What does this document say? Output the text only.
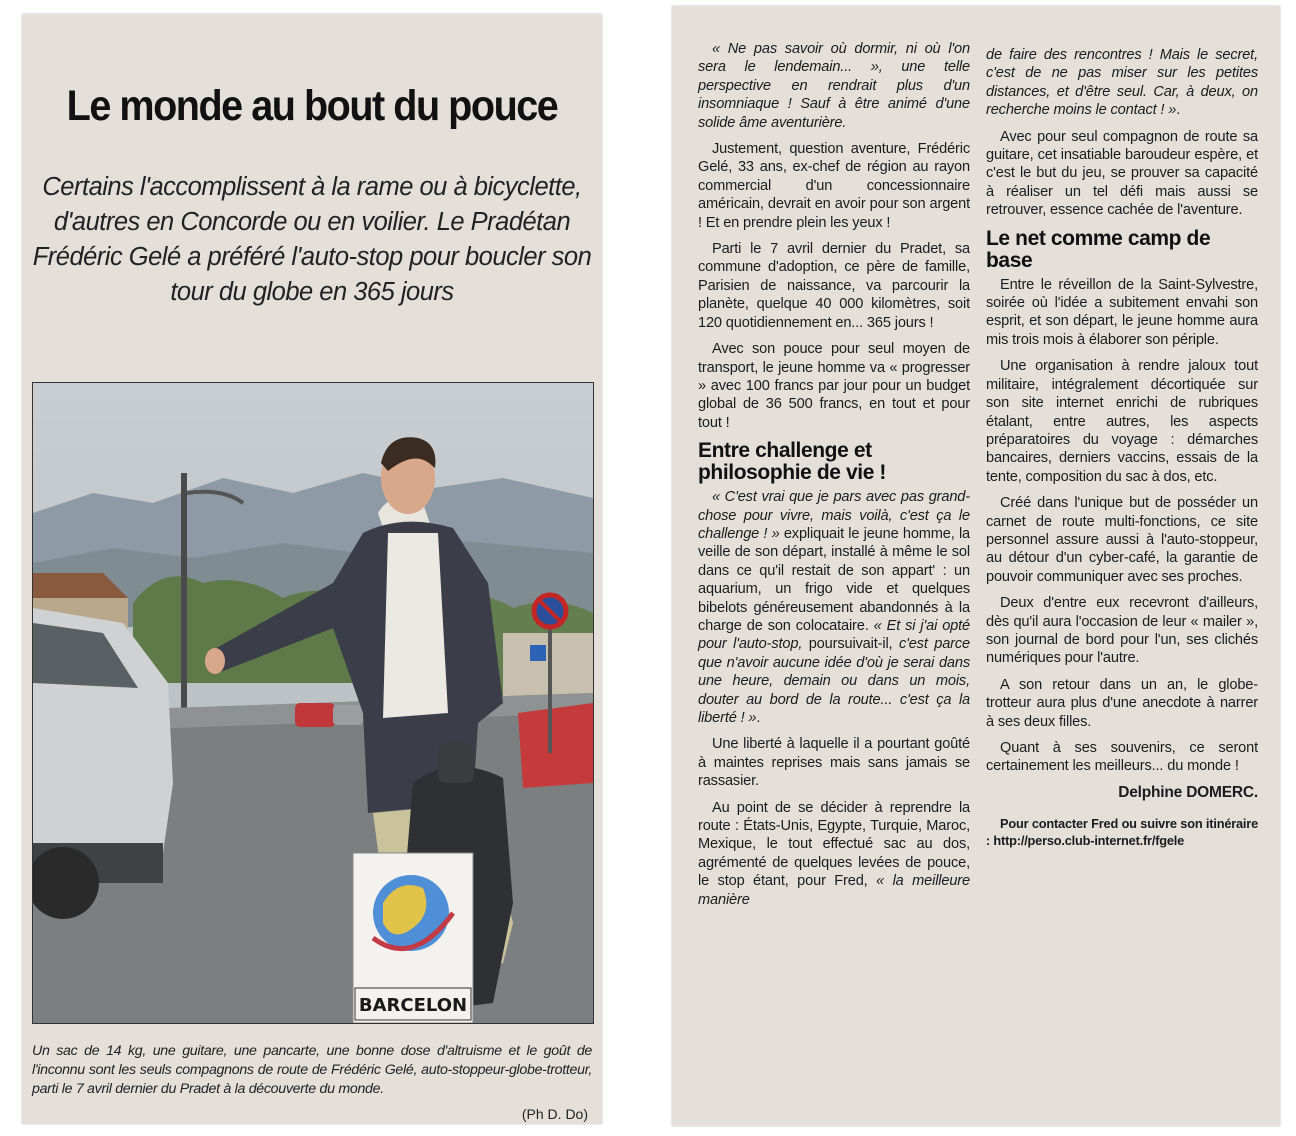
Le monde au bout du pouce

Certains l'accomplissent à la rame ou à bicyclette, d'autres en Concorde ou en voilier. Le Pradétan Frédéric Gelé a préféré l'auto-stop pour boucler son tour du globe en 365 jours

BARCELON

Un sac de 14 kg, une guitare, une pancarte, une bonne dose d'altruisme et le goût de l'inconnu sont les seuls compagnons de route de Frédéric Gelé, auto-stoppeur-globe-trotteur, parti le 7 avril dernier du Pradet à la découverte du monde.

(Ph D. Do)

« Ne pas savoir où dormir, ni où l'on sera le lendemain... », une telle perspective en rendrait plus d'un insomniaque ! Sauf à être animé d'une solide âme aventurière.

Justement, question aventure, Frédéric Gelé, 33 ans, ex-chef de région au rayon commercial d'un concessionnaire américain, devrait en avoir pour son argent ! Et en prendre plein les yeux !

Parti le 7 avril dernier du Pradet, sa commune d'adoption, ce père de famille, Parisien de naissance, va parcourir la planète, quelque 40 000 kilomètres, soit 120 quotidiennement en... 365 jours !

Avec son pouce pour seul moyen de transport, le jeune homme va « progresser » avec 100 francs par jour pour un budget global de 36 500 francs, en tout et pour tout !

Entre challenge et philosophie de vie !

« C'est vrai que je pars avec pas grand-chose pour vivre, mais voilà, c'est ça le challenge ! » expliquait le jeune homme, la veille de son départ, installé à même le sol dans ce qu'il restait de son appart' : un aquarium, un frigo vide et quelques bibelots généreusement abandonnés à la charge de son colocataire. « Et si j'ai opté pour l'auto-stop, poursuivait-il, c'est parce que n'avoir aucune idée d'où je serai dans une heure, demain ou dans un mois, douter au bord de la route... c'est ça la liberté ! ».

Une liberté à laquelle il a pourtant goûté à maintes reprises mais sans jamais se rassasier.

Au point de se décider à reprendre la route : États-Unis, Egypte, Turquie, Maroc, Mexique, le tout effectué sac au dos, agrémenté de quelques levées de pouce, le stop étant, pour Fred, « la meilleure manière

de faire des rencontres ! Mais le secret, c'est de ne pas miser sur les petites distances, et d'être seul. Car, à deux, on recherche moins le contact ! ».

Avec pour seul compagnon de route sa guitare, cet insatiable baroudeur espère, et c'est le but du jeu, se prouver sa capacité à réaliser un tel défi mais aussi se retrouver, essence cachée de l'aventure.

Le net comme camp de base

Entre le réveillon de la Saint-Sylvestre, soirée où l'idée a subitement envahi son esprit, et son départ, le jeune homme aura mis trois mois à élaborer son périple.

Une organisation à rendre jaloux tout militaire, intégralement décortiquée sur son site internet enrichi de rubriques étalant, entre autres, les aspects préparatoires du voyage : démarches bancaires, derniers vaccins, essais de la tente, composition du sac à dos, etc.

Créé dans l'unique but de posséder un carnet de route multi-fonctions, ce site personnel assure aussi à l'auto-stoppeur, au détour d'un cyber-café, la garantie de pouvoir communiquer avec ses proches.

Deux d'entre eux recevront d'ailleurs, dès qu'il aura l'occasion de leur « mailer », son journal de bord pour l'un, ses clichés numériques pour l'autre.

A son retour dans un an, le globe-trotteur aura plus d'une anecdote à narrer à ses deux filles.

Quant à ses souvenirs, ce seront certainement les meilleurs... du monde !

Delphine DOMERC.

Pour contacter Fred ou suivre son itinéraire : http://perso.club-internet.fr/fgele
